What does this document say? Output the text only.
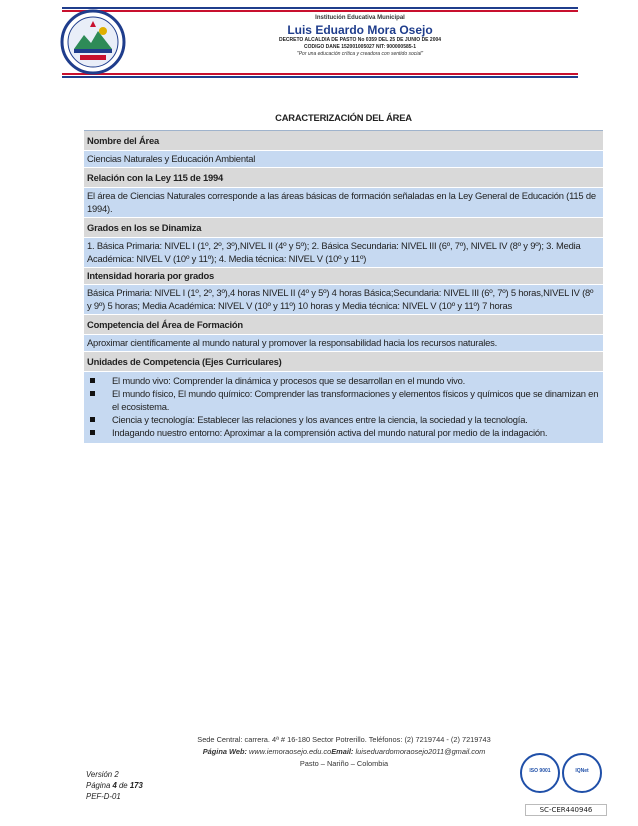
Institución Educativa Municipal
Luis Eduardo Mora Osejo
DECRETO ALCALDIA DE PASTO No 0359 DEL 25 DE JUNIO DE 2004
CODIGO DANE 152001005027 NIT: 900000585-1
"Por una educación crítica y creadora con sentido social"
CARACTERIZACIÓN DEL ÁREA
Nombre del Área
Ciencias Naturales y Educación Ambiental
Relación con la Ley 115 de 1994
El área de Ciencias Naturales corresponde a las áreas básicas de formación señaladas en la Ley General de Educación (115 de 1994).
Grados en los se Dinamiza
1. Básica Primaria: NIVEL I (1º, 2º, 3º),NIVEL II (4º y 5º); 2. Básica Secundaria: NIVEL III (6º, 7º), NIVEL IV (8º y 9º); 3. Media Académica: NIVEL V (10º y 11º); 4. Media técnica: NIVEL V (10º y 11º)
Intensidad horaria por grados
Básica Primaria: NIVEL I (1º, 2º, 3º),4 horas NIVEL II (4º y 5º) 4 horas Básica;Secundaria: NIVEL III (6º, 7º) 5 horas,NIVEL IV (8º y 9º) 5 horas; Media Académica: NIVEL V (10º y 11º) 10 horas y Media técnica: NIVEL V (10º y 11º) 7 horas
Competencia del Área de Formación
Aproximar científicamente al mundo natural y promover la responsabilidad hacia los recursos naturales.
Unidades de Competencia (Ejes Curriculares)
El mundo vivo: Comprender la dinámica y procesos que se desarrollan en el mundo vivo.
El mundo físico, El mundo químico: Comprender las transformaciones y elementos físicos y químicos que se dinamizan en el ecosistema.
Ciencia y tecnología: Establecer las relaciones y los avances entre la ciencia, la sociedad y la tecnología.
Indagando nuestro entorno: Aproximar a la comprensión activa del mundo natural por medio de la indagación.
Sede Central: carrera. 4ª # 16-180 Sector Potrerillo. Teléfonos: (2) 7219744 - (2) 7219743
Página Web: www.iemoraosejo.edu.coEmail: luiseduardomoraosejo2011@gmail.com
Pasto – Nariño – Colombia
Versión 2
Página 4 de 173
PEF-D-01
ISO 9001	IQNet
SC-CER440946
